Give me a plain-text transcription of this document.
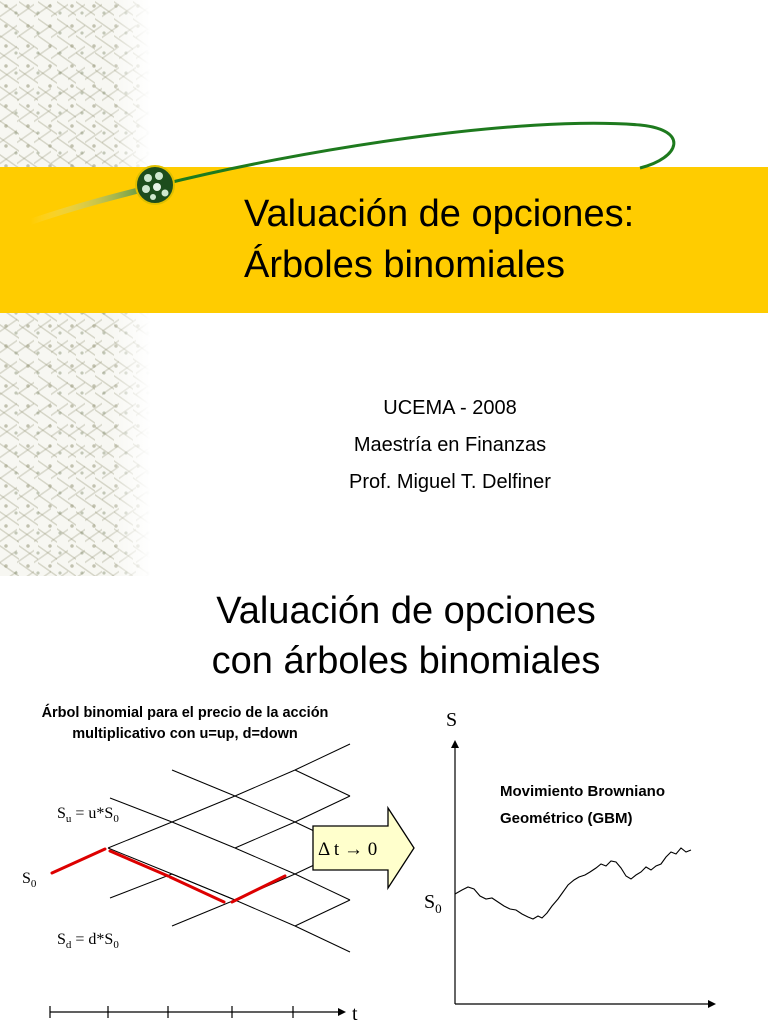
Valuación de opciones:
Árboles binomiales
UCEMA - 2008
Maestría en Finanzas
Prof. Miguel T. Delfiner
Valuación de opciones
con árboles binomiales
Árbol binomial para el precio de la acción
multiplicativo con u=up, d=down
$S_u = u*S_0$
$S_0$
$S_d = d*S_0$
t
Δ t → 0
S
$S_0$
Movimiento Browniano
Geométrico (GBM)
